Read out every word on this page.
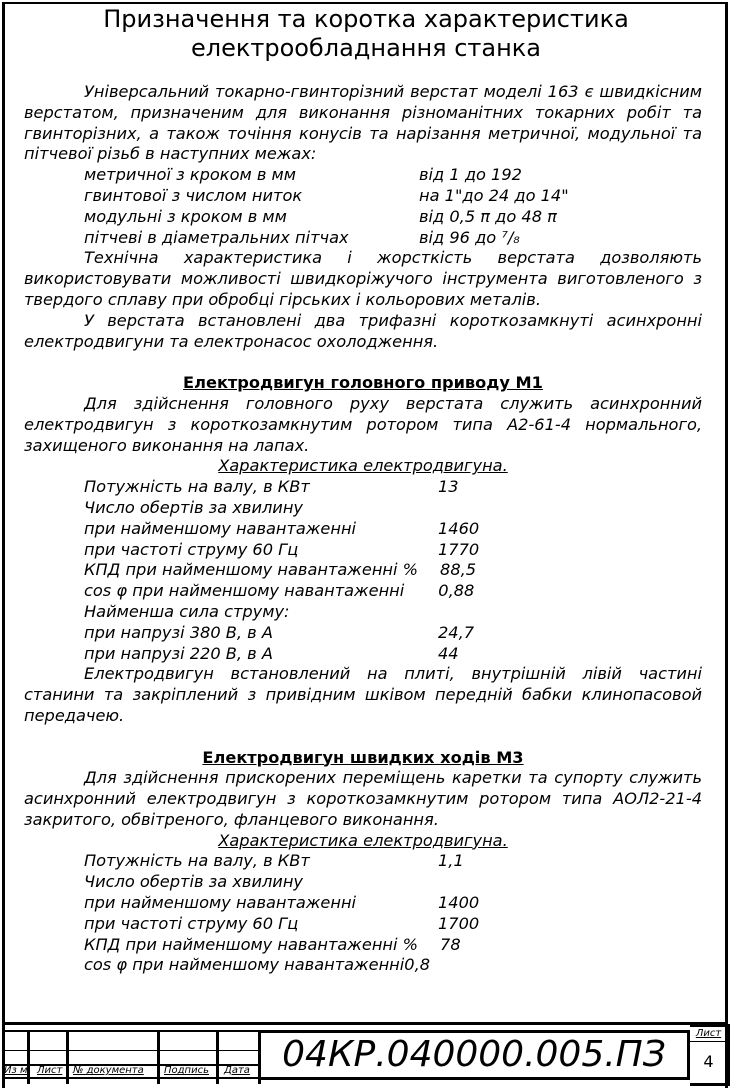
Призначення та коротка характеристика
електрообладнання станка

Універсальний токарно-гвинторізний верстат моделі 163 є швидкісним верстатом, призначеним для виконання різноманітних токарних робіт та гвинторізних, а також точіння конусів та нарізання метричної, модульної та пітчевої різьб в наступних межах:

метричної з кроком в мм	від 1 до 192
гвинтової з числом ниток	на 1"до 24 до 14"
модульні з кроком в мм	від 0,5 π до 48 π
пітчеві в діаметральних пітчах	від 96 до ⁷/₈

Технічна характеристика і жорсткість верстата дозволяють використовувати можливості швидкоріжучого інструмента виготовленого з твердого сплаву при обробці гірських і кольорових металів.

У верстата встановлені два трифазні короткозамкнуті асинхронні електродвигуни та електронасос охолодження.

Електродвигун головного приводу М1

Для здійснення головного руху верстата служить асинхронний електродвигун з короткозамкнутим ротором типа А2-61-4 нормального, захищеного виконання на лапах.

Характеристика електродвигуна.

Потужність на валу, в КВт	13
Число обертів за хвилину
при найменшому навантаженні	1460
при частоті струму 60 Гц	1770
КПД при найменшому навантаженні % 88,5
cos φ при найменшому навантаженні 0,88
Найменша сила струму:
при напрузі 380 В, в А	24,7
при напрузі 220 В, в А	44

Електродвигун встановлений на плиті, внутрішній лівій частині станини та закріплений з привідним шківом передній бабки клинопасовой передачею.

Електродвигун швидких ходів М3

Для здійснення прискорених переміщень каретки та супорту служить асинхронний електродвигун з короткозамкнутим ротором типа АОЛ2-21-4 закритого, обвітреного, фланцевого виконання.

Характеристика електродвигуна.

Потужність на валу, в КВт	1,1
Число обертів за хвилину
при найменшому навантаженні	1400
при частоті струму 60 Гц	1700
КПД при найменшому навантаженні % 78
cos φ при найменшому навантаженні 0,8
Из м Лист № документа Подпись Дата 04КР.040000.005.ПЗ
Лист
4
